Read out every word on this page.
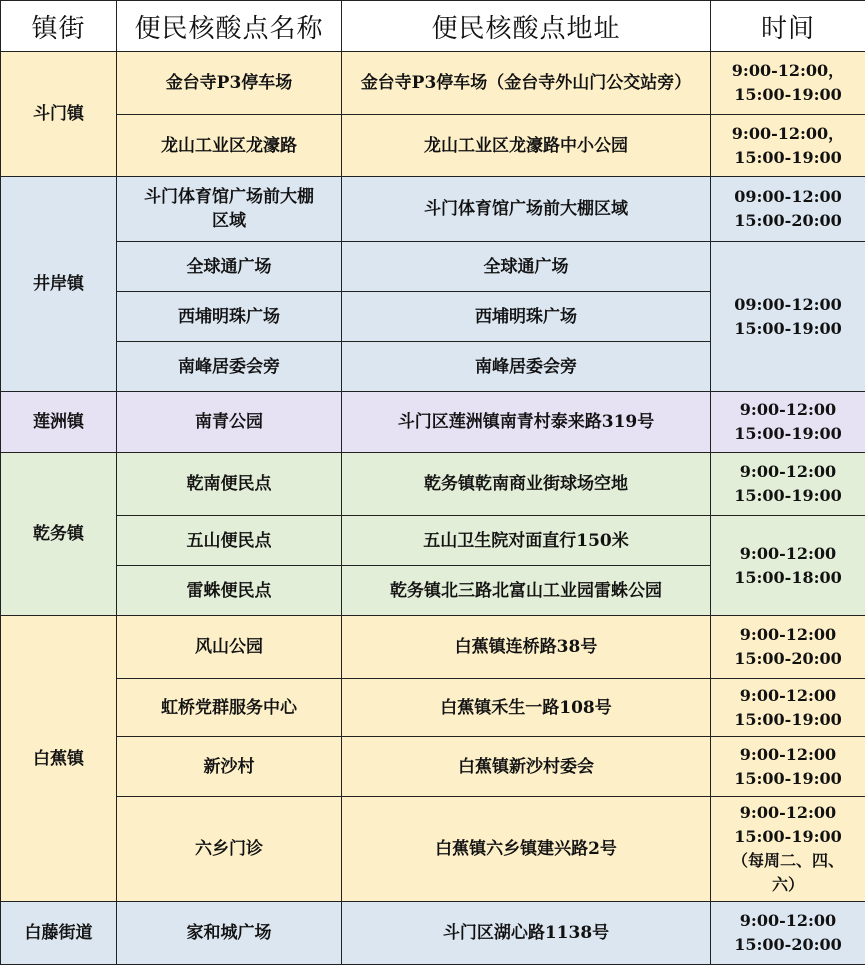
镇街	便民核酸点名称	便民核酸点地址	时间
斗门镇	金台寺P3停车场	金台寺P3停车场（金台寺外山门公交站旁）	9:00-12:00，
15:00-19:00
	龙山工业区龙濠路	龙山工业区龙濠路中小公园	9:00-12:00，
15:00-19:00
井岸镇	斗门体育馆广场前大棚
区域	斗门体育馆广场前大棚区域	09:00-12:00
15:00-20:00
	全球通广场	全球通广场	09:00-12:00
15:00-19:00
	西埔明珠广场	西埔明珠广场	
	南峰居委会旁	南峰居委会旁	
莲洲镇	南青公园	斗门区莲洲镇南青村泰来路319号	9:00-12:00
15:00-19:00
乾务镇	乾南便民点	乾务镇乾南商业街球场空地	9:00-12:00
15:00-19:00
	五山便民点	五山卫生院对面直行150米	9:00-12:00
15:00-18:00
	雷蛛便民点	乾务镇北三路北富山工业园雷蛛公园	
白蕉镇	风山公园	白蕉镇连桥路38号	9:00-12:00
15:00-20:00
	虹桥党群服务中心	白蕉镇禾生一路108号	9:00-12:00
15:00-19:00
	新沙村	白蕉镇新沙村委会	9:00-12:00
15:00-19:00
	六乡门诊	白蕉镇六乡镇建兴路2号	9:00-12:00
15:00-19:00
（每周二、四、
六）
白藤街道	家和城广场	斗门区湖心路1138号	9:00-12:00
15:00-20:00
